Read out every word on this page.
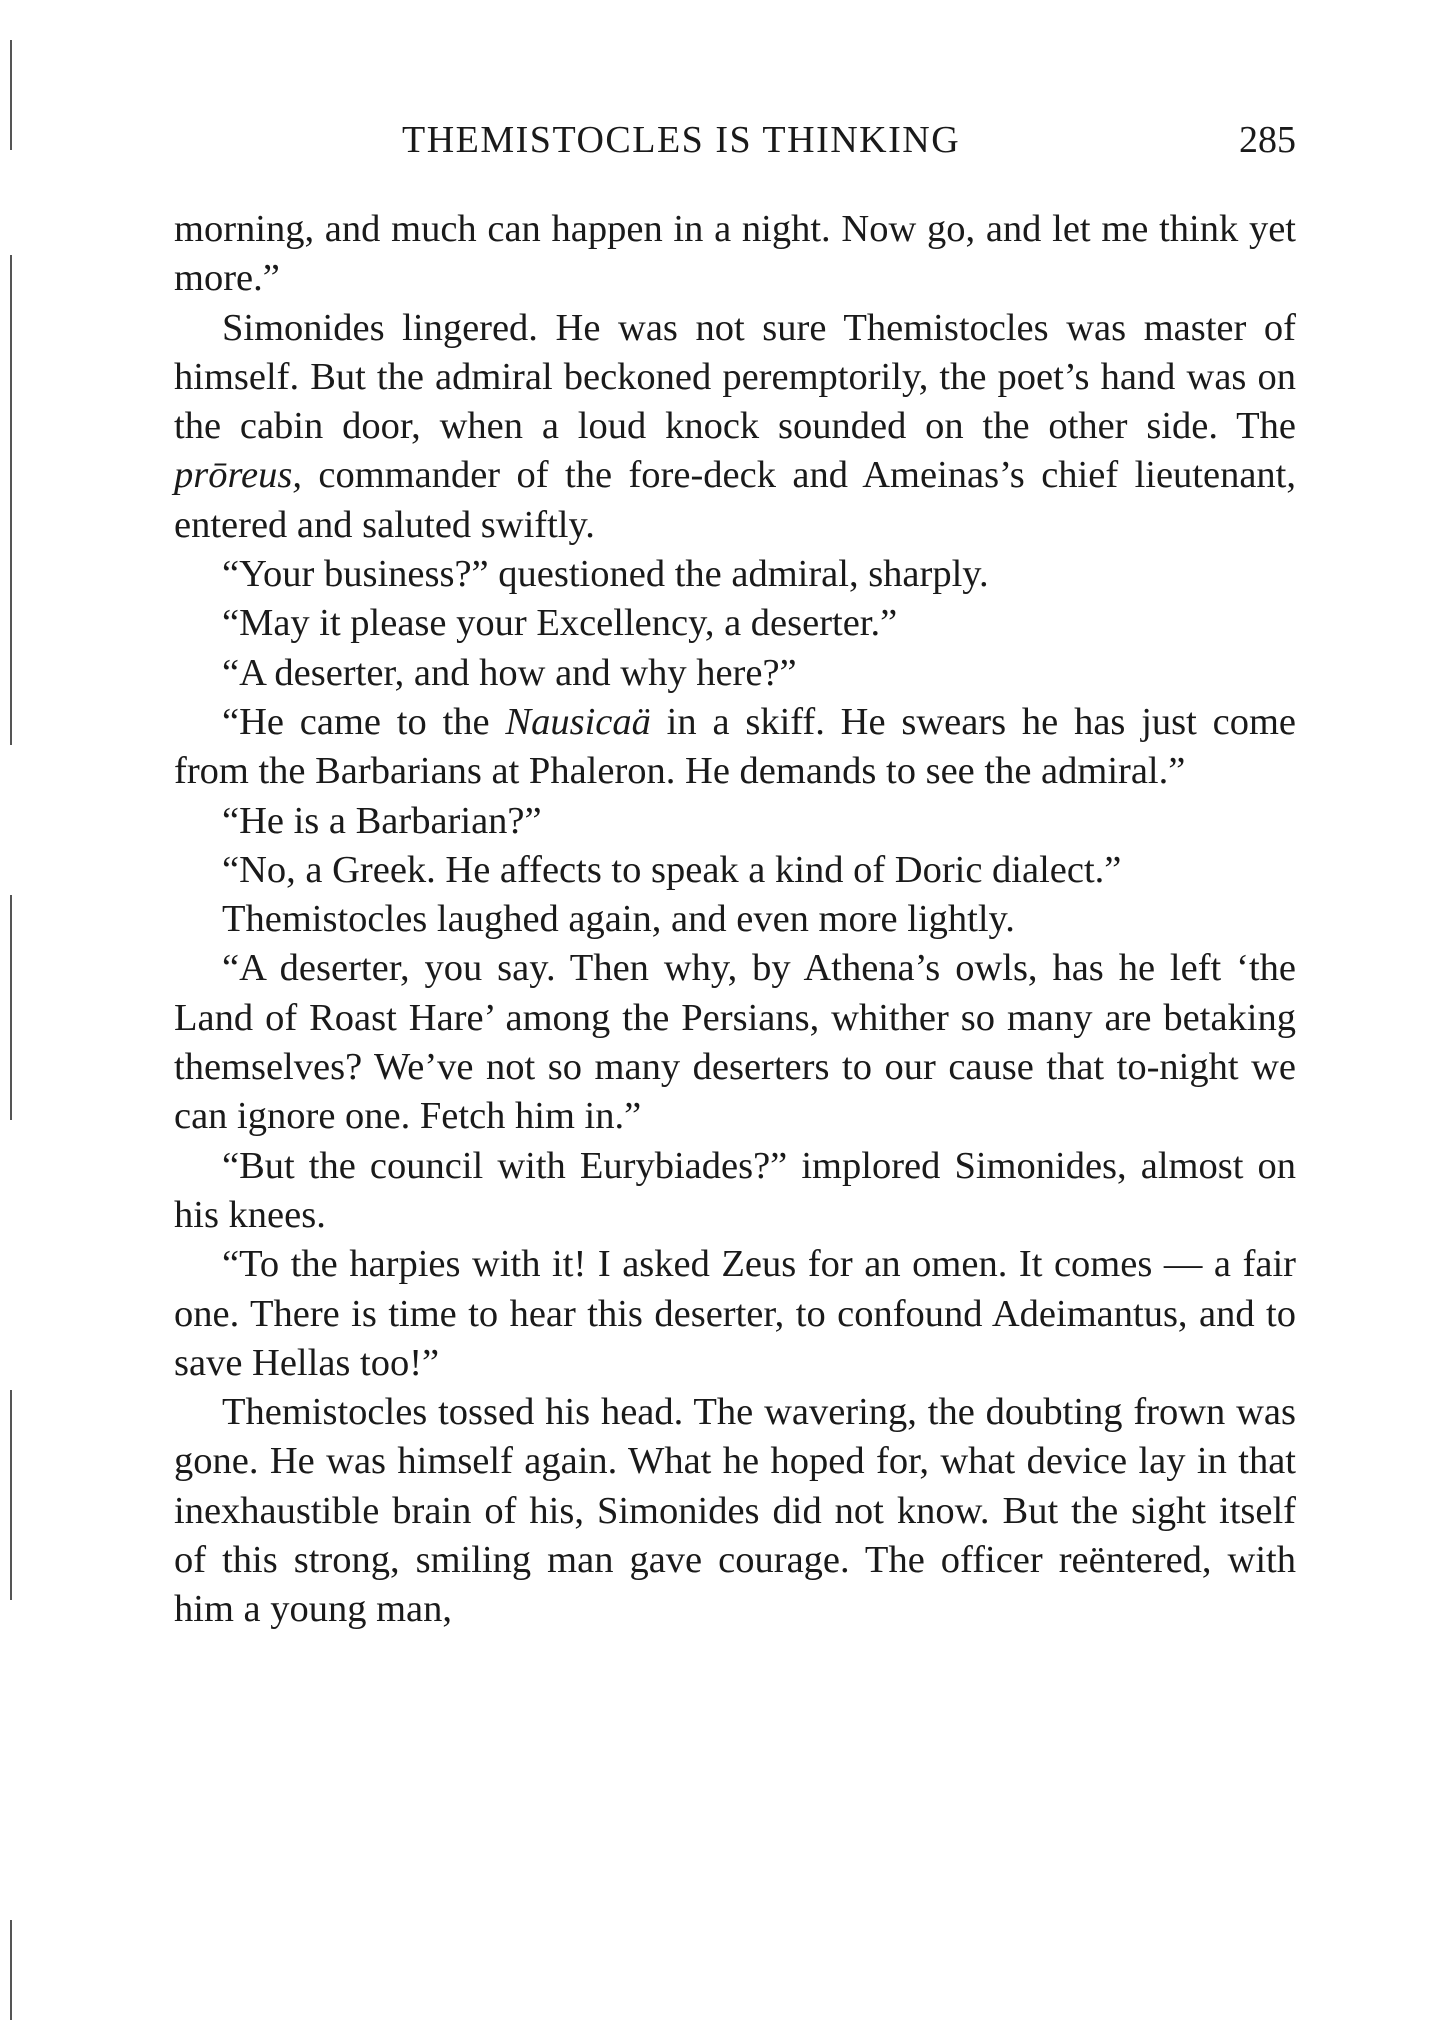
THEMISTOCLES IS THINKING	285

morning, and much can happen in a night. Now go, and let me think yet more.”

Simonides lingered. He was not sure Themistocles was master of himself. But the admiral beckoned peremptorily, the poet’s hand was on the cabin door, when a loud knock sounded on the other side. The prōreus, commander of the fore-deck and Ameinas’s chief lieutenant, entered and saluted swiftly.

“Your business?” questioned the admiral, sharply.

“May it please your Excellency, a deserter.”

“A deserter, and how and why here?”

“He came to the Nausicaä in a skiff. He swears he has just come from the Barbarians at Phaleron. He demands to see the admiral.”

“He is a Barbarian?”

“No, a Greek. He affects to speak a kind of Doric dialect.”

Themistocles laughed again, and even more lightly.

“A deserter, you say. Then why, by Athena’s owls, has he left ‘the Land of Roast Hare’ among the Persians, whither so many are betaking themselves? We’ve not so many deserters to our cause that to-night we can ignore one. Fetch him in.”

“But the council with Eurybiades?” implored Simonides, almost on his knees.

“To the harpies with it! I asked Zeus for an omen. It comes — a fair one. There is time to hear this deserter, to confound Adeimantus, and to save Hellas too!”

Themistocles tossed his head. The wavering, the doubting frown was gone. He was himself again. What he hoped for, what device lay in that inexhaustible brain of his, Simonides did not know. But the sight itself of this strong, smiling man gave courage. The officer reëntered, with him a young man,
